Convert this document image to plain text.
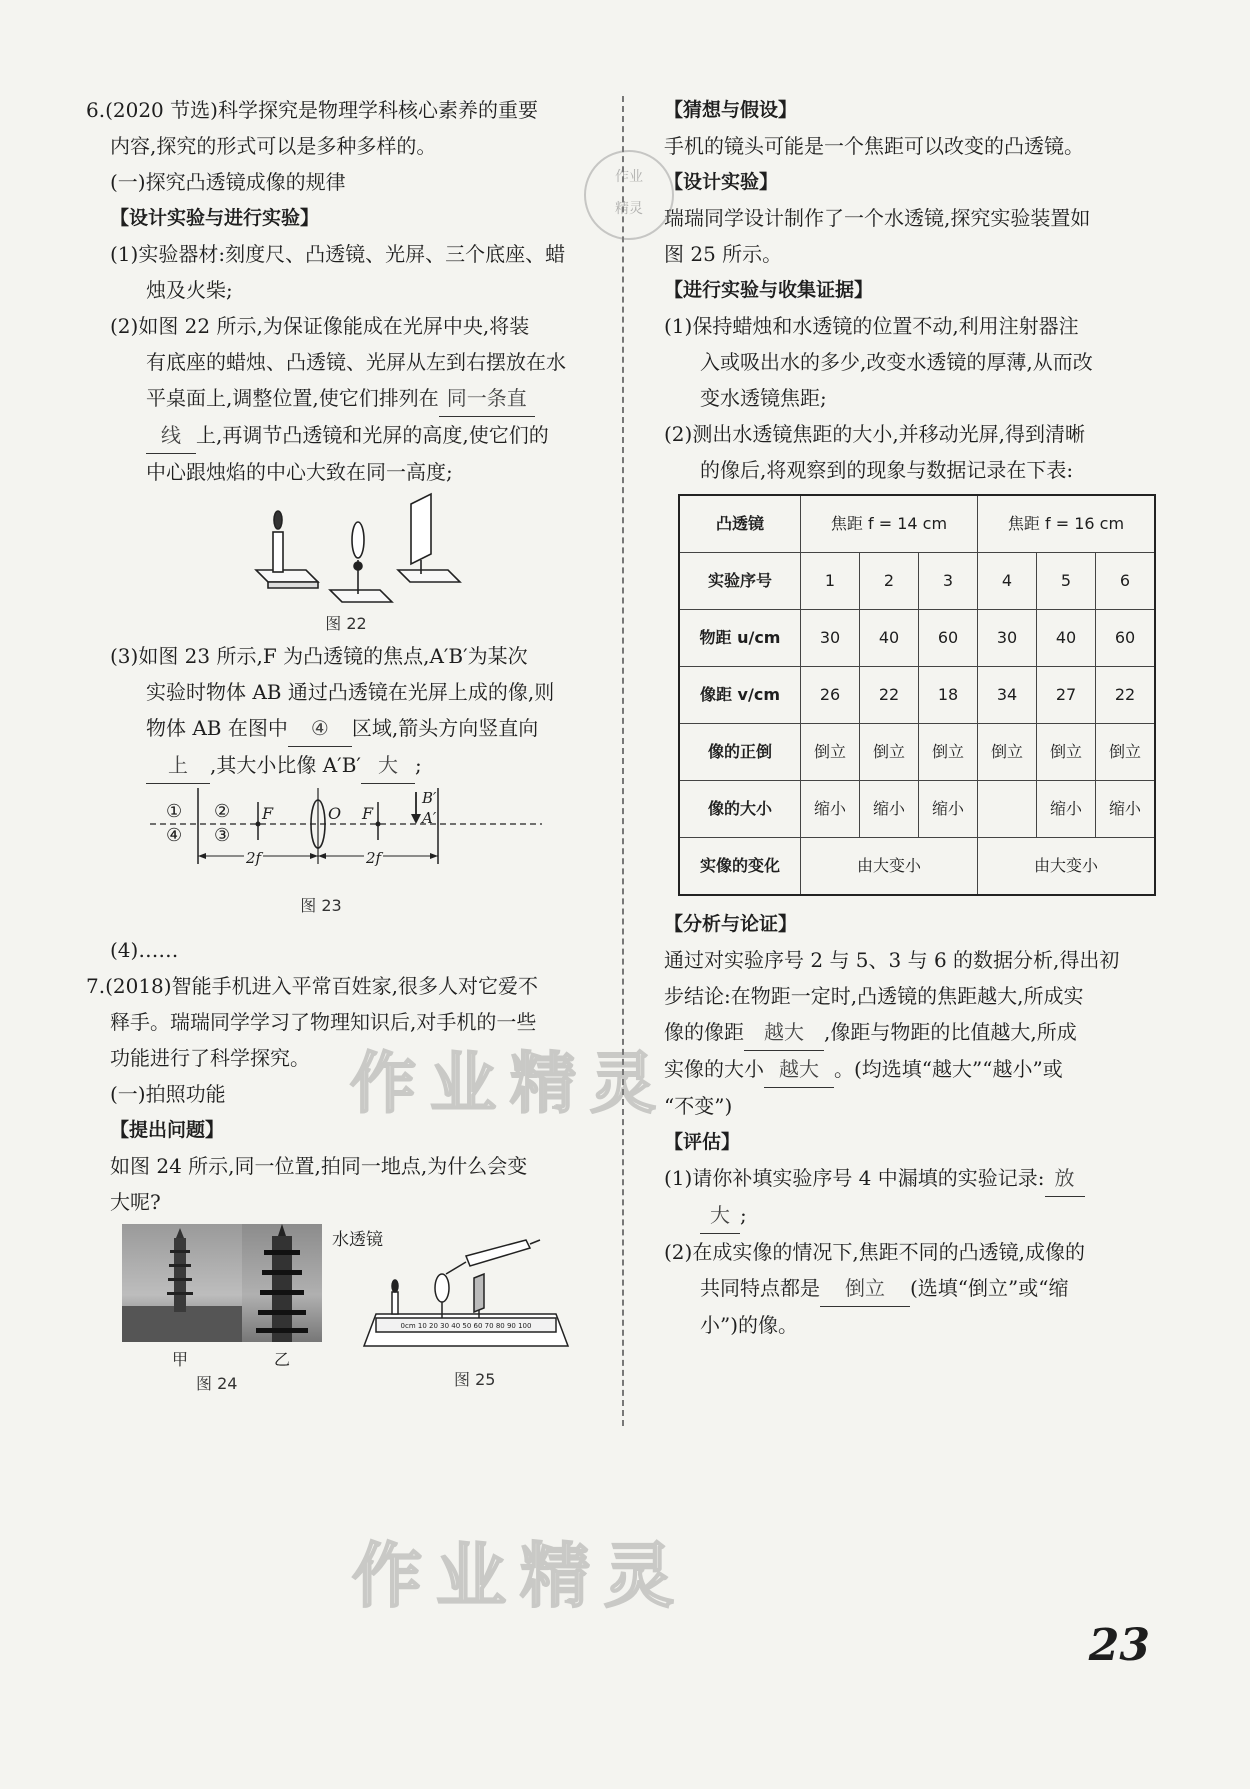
6.(2020 节选)科学探究是物理学科核心素养的重要

内容,探究的形式可以是多种多样的。

(一)探究凸透镜成像的规律

【设计实验与进行实验】

(1)实验器材:刻度尺、凸透镜、光屏、三个底座、蜡

烛及火柴;

(2)如图 22 所示,为保证像能成在光屏中央,将装

有底座的蜡烛、凸透镜、光屏从左到右摆放在水

平桌面上,调整位置,使它们排列在 同一条直

线 上,再调节凸透镜和光屏的高度,使它们的

中心跟烛焰的中心大致在同一高度;

图 22

(3)如图 23 所示,F 为凸透镜的焦点,A′B′为某次

实验时物体 AB 通过凸透镜在光屏上成的像,则

物体 AB 在图中 ④ 区域,箭头方向竖直向

上 ,其大小比像 A′B′ 大 ;

①
④
②
③
F	O F
B′
A′
2f	2f
图 23

(4)……

7.(2018)智能手机进入平常百姓家,很多人对它爱不

释手。瑞瑞同学学习了物理知识后,对手机的一些

功能进行了科学探究。

(一)拍照功能

【提出问题】

如图 24 所示,同一位置,拍同一地点,为什么会变

大呢?

甲	乙
图 24
0cm 10 20 30 40 50 60 70 80 90 100
水透镜
图 25

【猜想与假设】

手机的镜头可能是一个焦距可以改变的凸透镜。

【设计实验】

瑞瑞同学设计制作了一个水透镜,探究实验装置如

图 25 所示。

【进行实验与收集证据】

(1)保持蜡烛和水透镜的位置不动,利用注射器注

入或吸出水的多少,改变水透镜的厚薄,从而改

变水透镜焦距;

(2)测出水透镜焦距的大小,并移动光屏,得到清晰

的像后,将观察到的现象与数据记录在下表:

凸透镜	焦距 f = 14 cm			焦距 f = 16 cm		
实验序号	1	2	3	4	5	6
物距 u/cm	30	40	60	30	40	60
像距 v/cm	26	22	18	34	27	22
像的正倒	倒立	倒立	倒立	倒立	倒立	倒立
像的大小	缩小	缩小	缩小		缩小	缩小
实像的变化	由大变小			由大变小		

【分析与论证】

通过对实验序号 2 与 5、3 与 6 的数据分析,得出初

步结论:在物距一定时,凸透镜的焦距越大,所成实

像的像距 越大 ,像距与物距的比值越大,所成

实像的大小 越大 。(均选填“越大”“越小”或

“不变”)

【评估】

(1)请你补填实验序号 4 中漏填的实验记录: 放

大 ;

(2)在成实像的情况下,焦距不同的凸透镜,成像的

共同特点都是 倒立 (选填“倒立”或“缩

小”)的像。

作业精灵
作业精灵
作业
精灵
23
